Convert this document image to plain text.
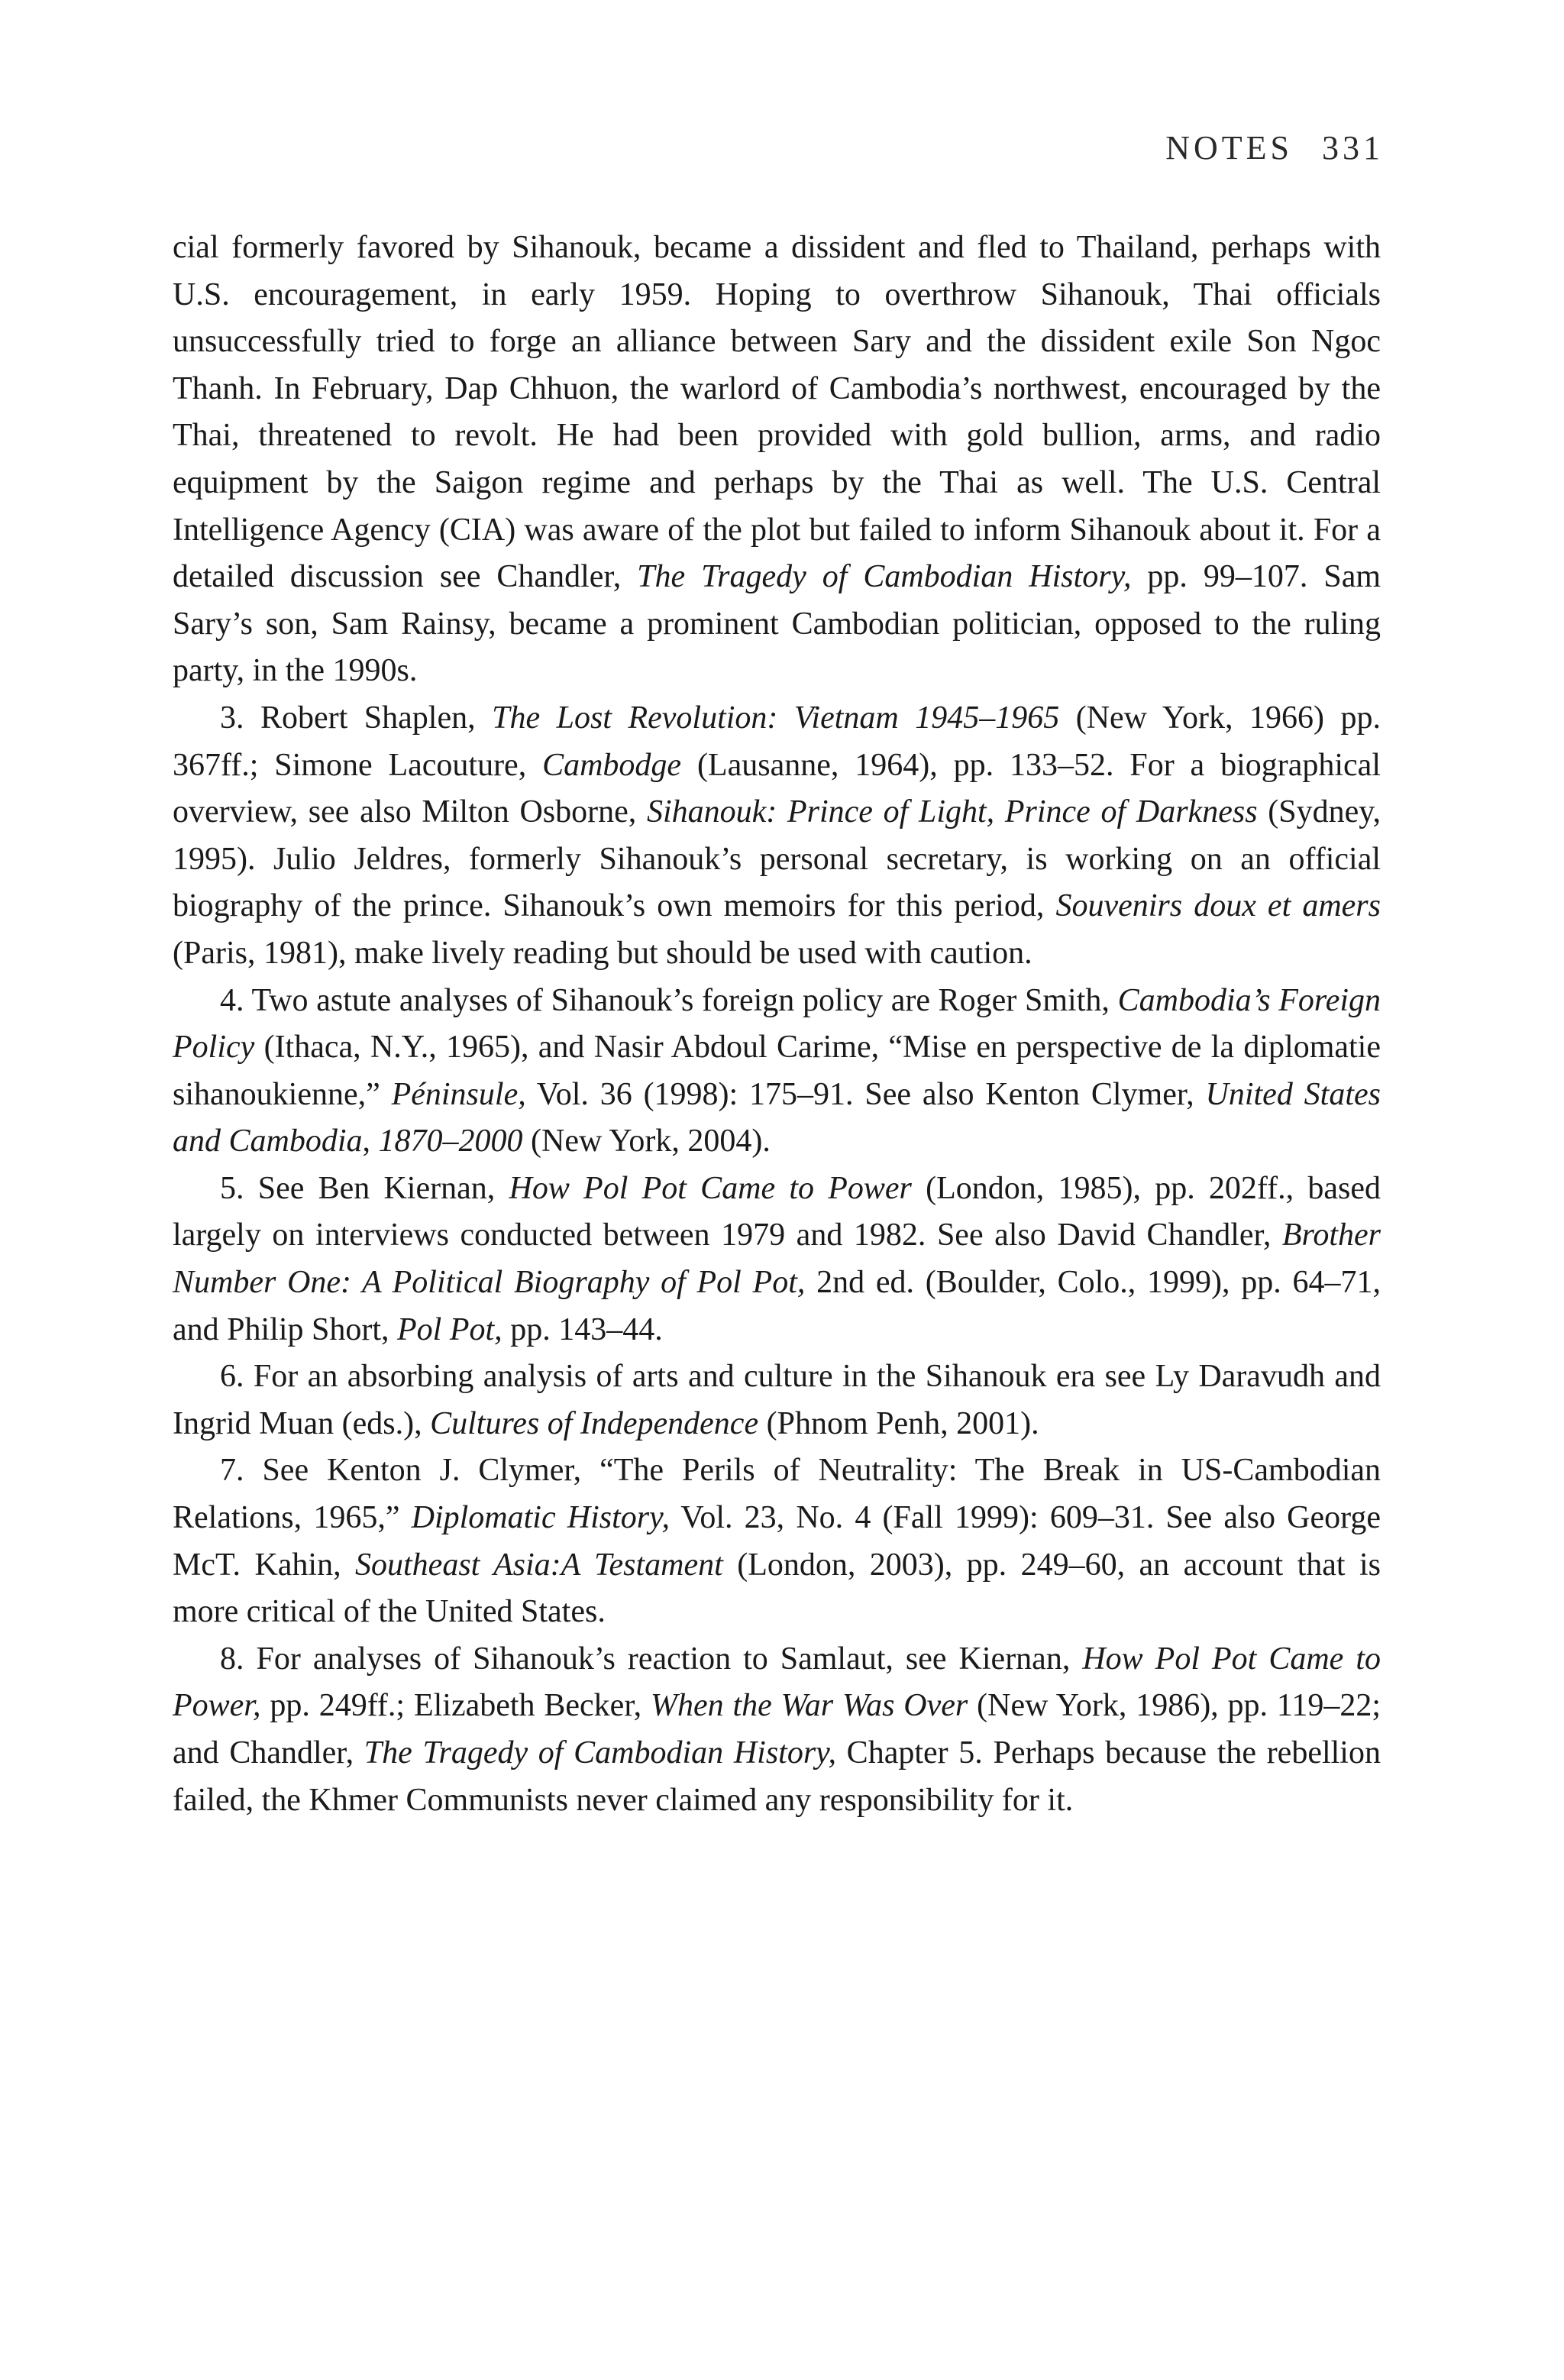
NOTES 331

cial formerly favored by Sihanouk, became a dissident and fled to Thailand, perhaps with U.S. encouragement, in early 1959. Hoping to overthrow Sihanouk, Thai officials unsuccessfully tried to forge an alliance between Sary and the dissident exile Son Ngoc Thanh. In February, Dap Chhuon, the warlord of Cambodia’s northwest, encouraged by the Thai, threatened to revolt. He had been provided with gold bullion, arms, and radio equipment by the Saigon regime and perhaps by the Thai as well. The U.S. Central Intelligence Agency (CIA) was aware of the plot but failed to inform Sihanouk about it. For a detailed discussion see Chandler, The Tragedy of Cambodian History, pp. 99–107. Sam Sary’s son, Sam Rainsy, became a prominent Cambodian politician, opposed to the ruling party, in the 1990s.

3. Robert Shaplen, The Lost Revolution: Vietnam 1945–1965 (New York, 1966) pp. 367ff.; Simone Lacouture, Cambodge (Lausanne, 1964), pp. 133–52. For a biographical overview, see also Milton Osborne, Sihanouk: Prince of Light, Prince of Darkness (Sydney, 1995). Julio Jeldres, formerly Sihanouk’s personal secretary, is working on an official biography of the prince. Sihanouk’s own memoirs for this period, Souvenirs doux et amers (Paris, 1981), make lively reading but should be used with caution.

4. Two astute analyses of Sihanouk’s foreign policy are Roger Smith, Cambodia’s Foreign Policy (Ithaca, N.Y., 1965), and Nasir Abdoul Carime, “Mise en perspective de la diplomatie sihanoukienne,” Péninsule, Vol. 36 (1998): 175–91. See also Kenton Clymer, United States and Cambodia, 1870–2000 (New York, 2004).

5. See Ben Kiernan, How Pol Pot Came to Power (London, 1985), pp. 202ff., based largely on interviews conducted between 1979 and 1982. See also David Chandler, Brother Number One: A Political Biography of Pol Pot, 2nd ed. (Boulder, Colo., 1999), pp. 64–71, and Philip Short, Pol Pot, pp. 143–44.

6. For an absorbing analysis of arts and culture in the Sihanouk era see Ly Daravudh and Ingrid Muan (eds.), Cultures of Independence (Phnom Penh, 2001).

7. See Kenton J. Clymer, “The Perils of Neutrality: The Break in US-Cambodian Relations, 1965,” Diplomatic History, Vol. 23, No. 4 (Fall 1999): 609–31. See also George McT. Kahin, Southeast Asia:A Testament (London, 2003), pp. 249–60, an account that is more critical of the United States.

8. For analyses of Sihanouk’s reaction to Samlaut, see Kiernan, How Pol Pot Came to Power, pp. 249ff.; Elizabeth Becker, When the War Was Over (New York, 1986), pp. 119–22; and Chandler, The Tragedy of Cambodian History, Chapter 5. Perhaps because the rebellion failed, the Khmer Communists never claimed any responsibility for it.
